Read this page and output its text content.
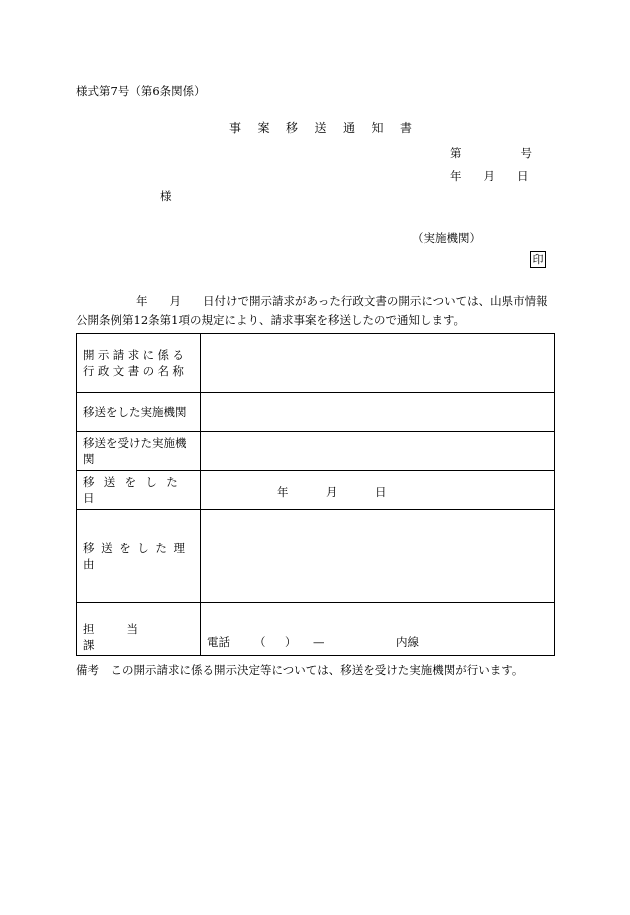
様式第7号（第6条関係）
事案移送通知書
第	号
年 月 日
様
（実施機関）
印
年 月 日付けで開示請求があった行政文書の開示については、山県市情報公開条例第12条第1項の規定により、請求事案を移送したので通知します。
開示請求に係る
行政文書の名称	

移送をした実施機関	
移送を受けた実施機関	
移送をした日	年 月 日

移送をした理由	
担当課	電話 （ ） — 内線
備考　この開示請求に係る開示決定等については、移送を受けた実施機関が行います。
